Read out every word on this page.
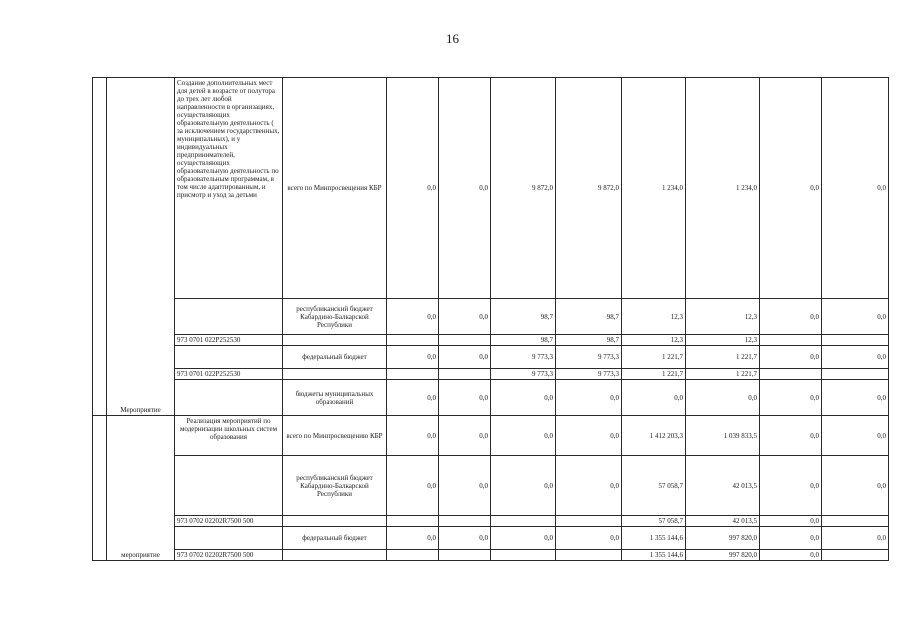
16
	Мероприятие	Создание дополнительных мест для детей в возрасте от полутора до трех лет любой направленности в организациях, осуществляющих образовательную деятельность ( за исключением государственных, муниципальных), и у индивидуальных предпринимателей, осуществляющих образовательную деятельность по образовательным программам, в том числе адаптированным, и присмотр и уход за детьми	всего по Минпросвещения КБР	0,0	0,0	9 872,0	9 872,0	1 234,0	1 234,0	0,0	0,0
			республиканский бюджет Кабардино-Балкарской Республики	0,0	0,0	98,7	98,7	12,3	12,3	0,0	0,0
		973 0701 022P252530				98,7	98,7	12,3	12,3		
			федеральный бюджет	0,0	0,0	9 773,3	9 773,3	1 221,7	1 221,7	0,0	0,0
		973 0701 022P252530				9 773,3	9 773,3	1 221,7	1 221,7		
			бюджеты муниципальных образований	0,0	0,0	0,0	0,0	0,0	0,0	0,0	0,0
	мероприятие	Реализация мероприятий по модернизации школьных систем образования	всего по Минпросвещению КБР	0,0	0,0	0,0	0,0	1 412 203,3	1 039 833,5	0,0	0,0
			республиканский бюджет Кабардино-Балкарской Республики	0,0	0,0	0,0	0,0	57 058,7	42 013,5	0,0	0,0
		973 0702 02202R7500 500						57 058,7	42 013,5	0,0	
			федеральный бюджет	0,0	0,0	0,0	0,0	1 355 144,6	997 820,0	0,0	0,0
		973 0702 02202R7500 500						1 355 144,6	997 820,0	0,0	
